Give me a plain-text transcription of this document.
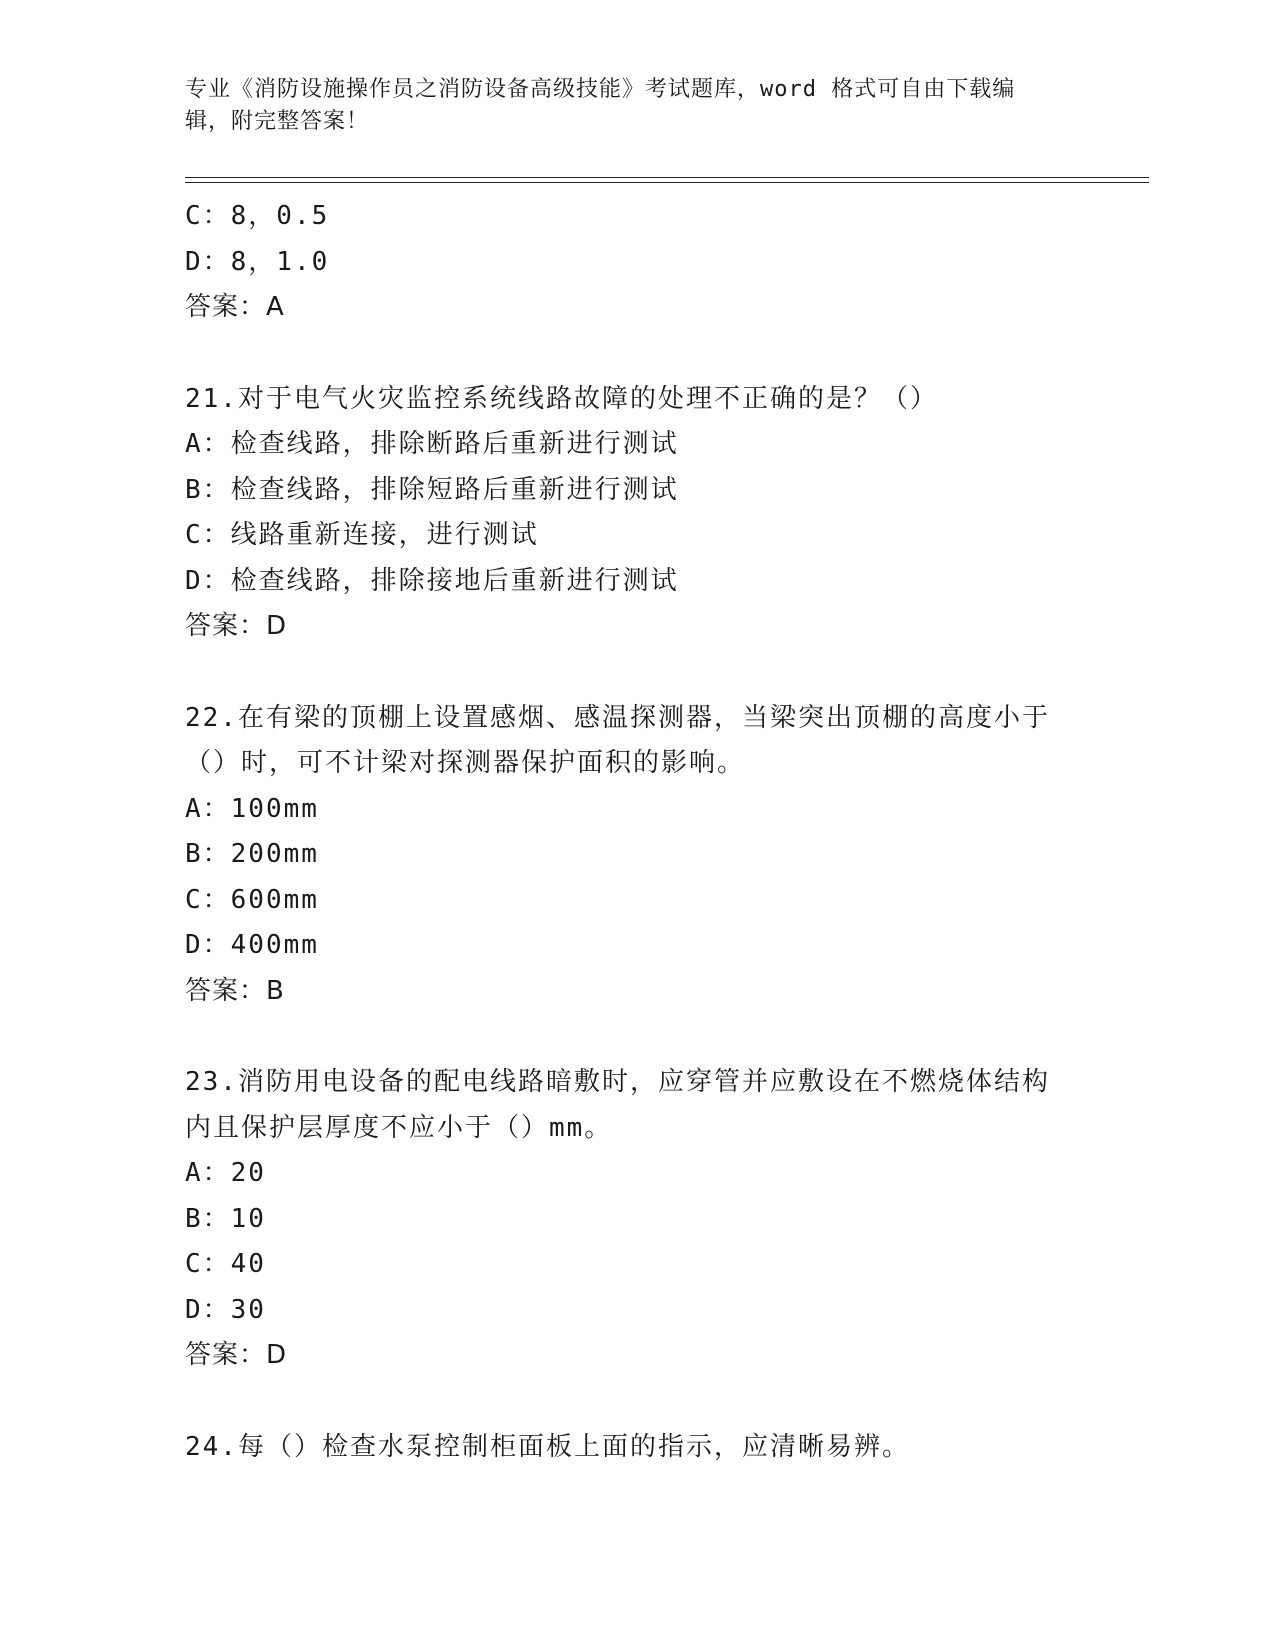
专业《消防设施操作员之消防设备高级技能》考试题库，word 格式可自由下载编
辑，附完整答案！
C：8，0.5
D：8，1.0
答案：A
21.对于电气火灾监控系统线路故障的处理不正确的是？（）
A：检查线路，排除断路后重新进行测试
B：检查线路，排除短路后重新进行测试
C：线路重新连接，进行测试
D：检查线路，排除接地后重新进行测试
答案：D
22.在有梁的顶棚上设置感烟、感温探测器，当梁突出顶棚的高度小于
（）时，可不计梁对探测器保护面积的影响。
A：100mm
B：200mm
C：600mm
D：400mm
答案：B
23.消防用电设备的配电线路暗敷时，应穿管并应敷设在不燃烧体结构
内且保护层厚度不应小于（）mm。
A：20
B：10
C：40
D：30
答案：D
24.每（）检查水泵控制柜面板上面的指示，应清晰易辨。
